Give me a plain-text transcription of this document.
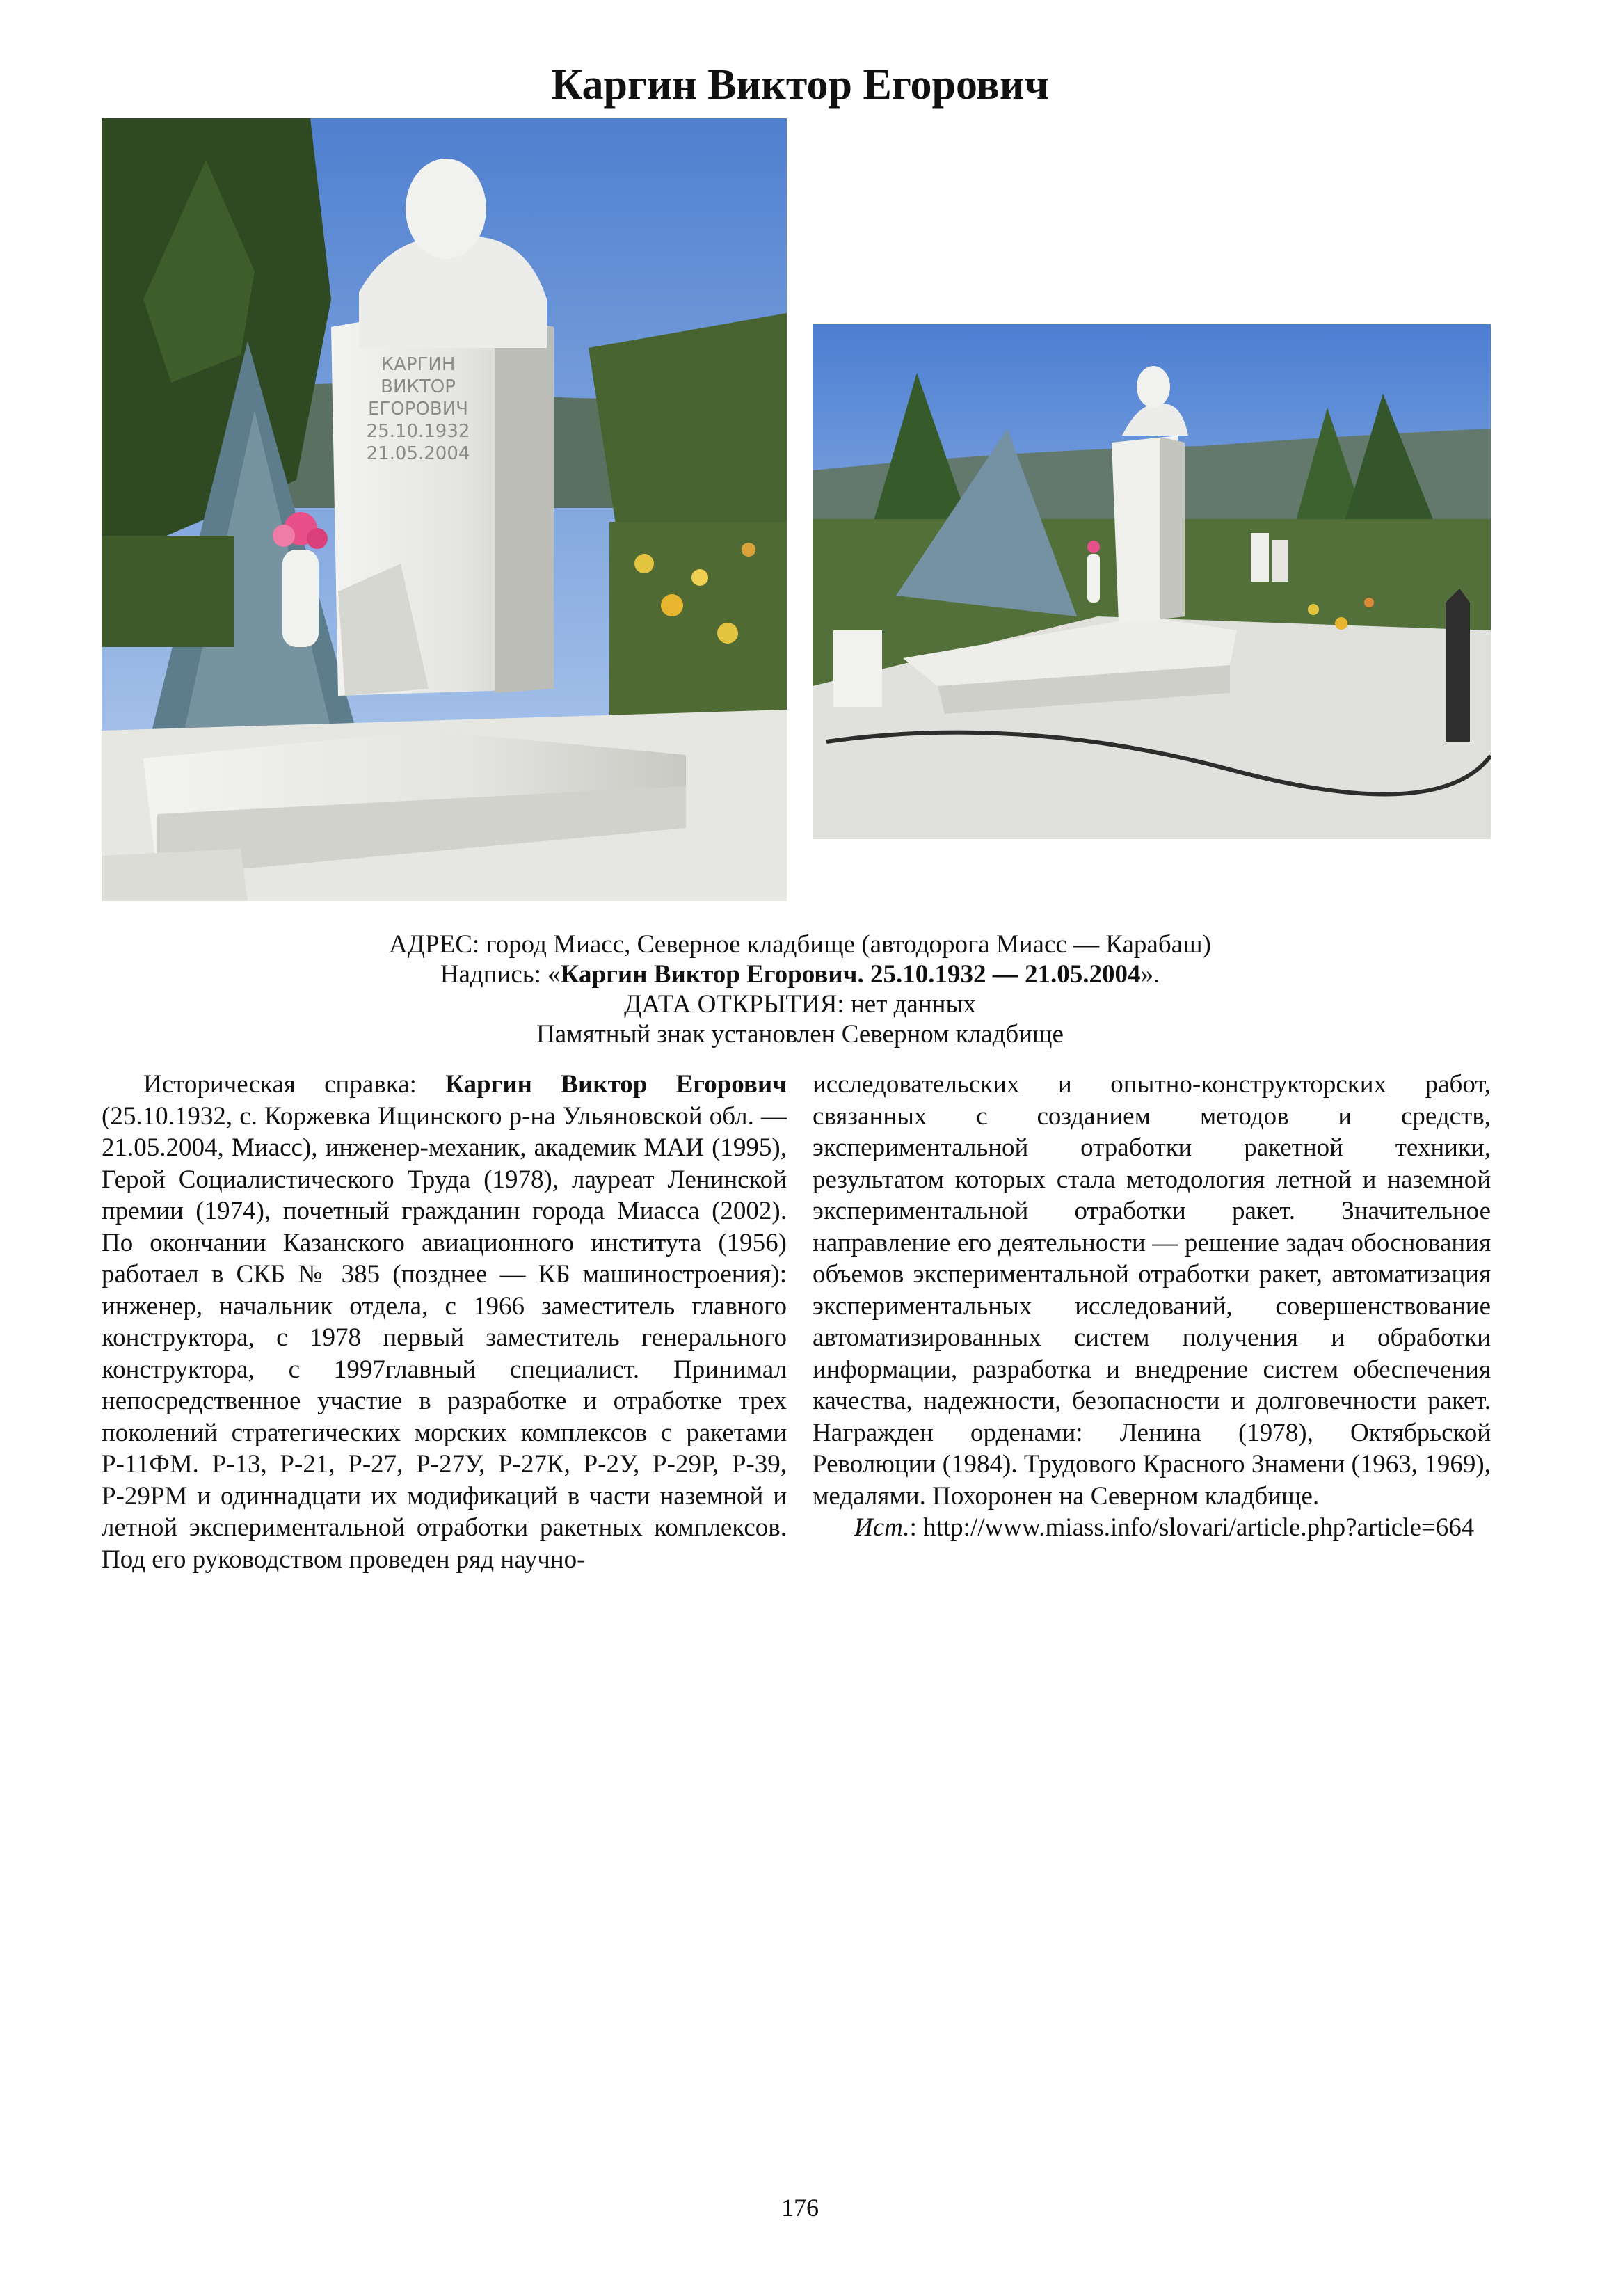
Каргин Виктор Егорович
КАРГИН
ВИКТОР
ЕГОРОВИЧ
25.10.1932
21.05.2004
АДРЕС: город Миасс, Северное кладбище (автодорога Миасс — Карабаш)
Надпись: «Каргин Виктор Егорович. 25.10.1932 — 21.05.2004».
ДАТА ОТКРЫТИЯ: нет данных
Памятный знак установлен Северном кладбище

Историческая справка: Каргин Виктор Егорович (25.10.1932, с. Коржевка Ищинского р-на Ульяновской обл. — 21.05.2004, Миасс), инженер-механик, академик МАИ (1995), Герой Социалистического Труда (1978), лауреат Ленинской премии (1974), почетный гражданин города Миасса (2002). По окончании Казанского авиационного института (1956) работаел в СКБ № 385 (позднее — КБ машиностроения): инженер, начальник отдела, с 1966 заместитель главного конструктора, с 1978 первый заместитель генерального конструктора, с 1997главный специалист. Принимал непосредственное участие в разработке и отработке трех поколений стратегических морских комплексов с ракетами Р-11ФМ. Р-13, Р-21, Р-27, Р-27У, Р-27К, Р-2У, Р-29Р, Р-39, Р-29РМ и одиннадцати их модификаций в части наземной и летной экспериментальной отработки ракетных комплексов. Под его руководством проведен ряд научно-

исследовательских и опытно-конструкторских работ, связанных с созданием методов и средств, экспериментальной отработки ракетной техники, результатом которых стала методология летной и наземной экспериментальной отработки ракет. Значительное направление его деятельности — решение задач обоснования объемов экспериментальной отработки ракет, автоматизация экспериментальных исследований, совершенствование автоматизированных систем получения и обработки информации, разработка и внедрение систем обеспечения качества, надежности, безопасности и долговечности ракет. Награжден орденами: Ленина (1978), Октябрьской Революции (1984). Трудового Красного Знамени (1963, 1969), медалями. Похоронен на Северном кладбище.

Ист.: http://www.miass.info/slovari/article.php?article=664

176
